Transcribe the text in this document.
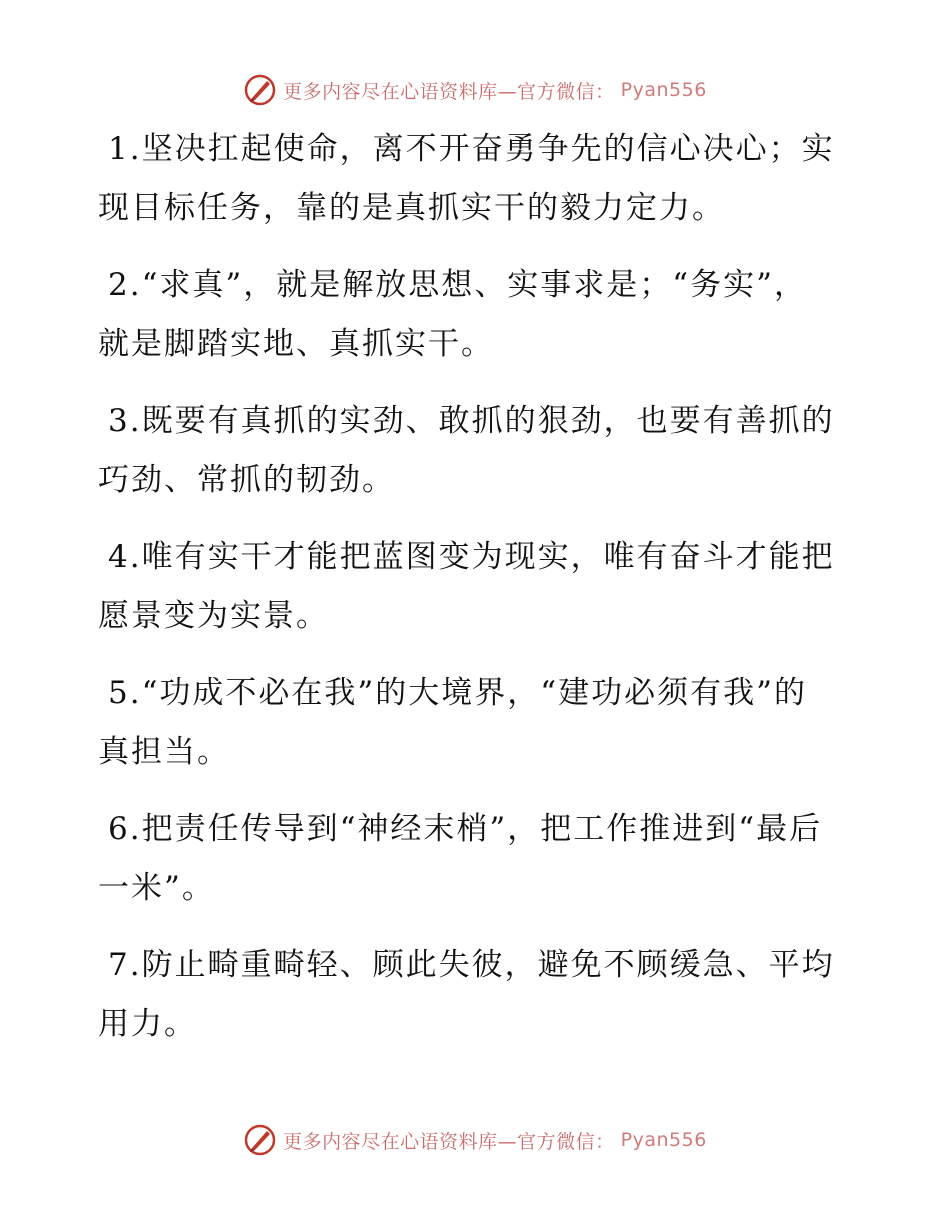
更多内容尽在心语资料库—官方微信： Pyan556

1.坚决扛起使命，离不开奋勇争先的信心决心；实现目标任务，靠的是真抓实干的毅力定力。

2.“求真”，就是解放思想、实事求是；“务实”，就是脚踏实地、真抓实干。

3.既要有真抓的实劲、敢抓的狠劲，也要有善抓的巧劲、常抓的韧劲。

4.唯有实干才能把蓝图变为现实，唯有奋斗才能把愿景变为实景。

5.“功成不必在我”的大境界，“建功必须有我”的真担当。

6.把责任传导到“神经末梢”，把工作推进到“最后一米”。

7.防止畸重畸轻、顾此失彼，避免不顾缓急、平均用力。

更多内容尽在心语资料库—官方微信： Pyan556
